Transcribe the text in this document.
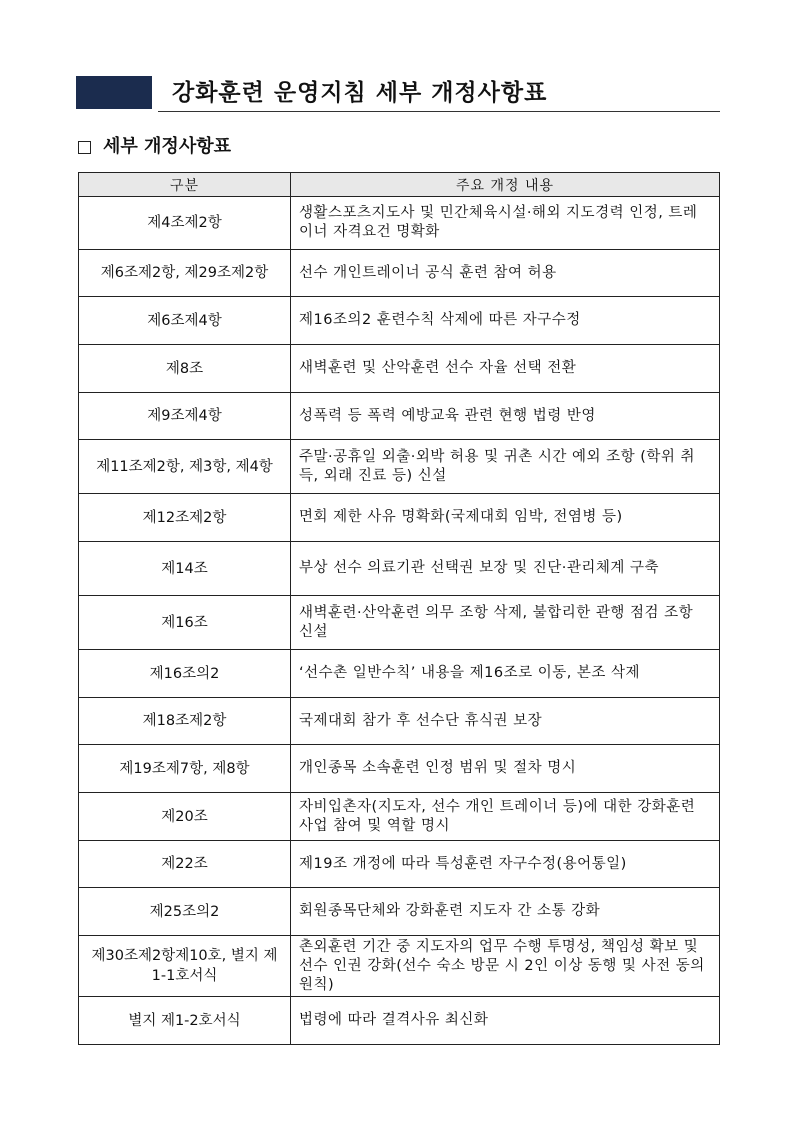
강화훈련 운영지침 세부 개정사항표
세부 개정사항표
구분	주요 개정 내용
제4조제2항	생활스포츠지도사 및 민간체육시설·해외 지도경력 인정, 트레이너 자격요건 명확화
제6조제2항, 제29조제2항	선수 개인트레이너 공식 훈련 참여 허용
제6조제4항	제16조의2 훈련수칙 삭제에 따른 자구수정
제8조	새벽훈련 및 산악훈련 선수 자율 선택 전환
제9조제4항	성폭력 등 폭력 예방교육 관련 현행 법령 반영
제11조제2항, 제3항, 제4항	주말·공휴일 외출·외박 허용 및 귀촌 시간 예외 조항 (학위 취득, 외래 진료 등) 신설
제12조제2항	면회 제한 사유 명확화(국제대회 임박, 전염병 등)
제14조	부상 선수 의료기관 선택권 보장 및 진단·관리체계 구축
제16조	새벽훈련·산악훈련 의무 조항 삭제, 불합리한 관행 점검 조항 신설
제16조의2	‘선수촌 일반수칙’ 내용을 제16조로 이동, 본조 삭제
제18조제2항	국제대회 참가 후 선수단 휴식권 보장
제19조제7항, 제8항	개인종목 소속훈련 인정 범위 및 절차 명시
제20조	자비입촌자(지도자, 선수 개인 트레이너 등)에 대한 강화훈련 사업 참여 및 역할 명시
제22조	제19조 개정에 따라 특성훈련 자구수정(용어통일)
제25조의2	회원종목단체와 강화훈련 지도자 간 소통 강화
제30조제2항제10호, 별지 제1-1호서식	촌외훈련 기간 중 지도자의 업무 수행 투명성, 책임성 확보 및 선수 인권 강화(선수 숙소 방문 시 2인 이상 동행 및 사전 동의 원칙)
별지 제1-2호서식	법령에 따라 결격사유 최신화
